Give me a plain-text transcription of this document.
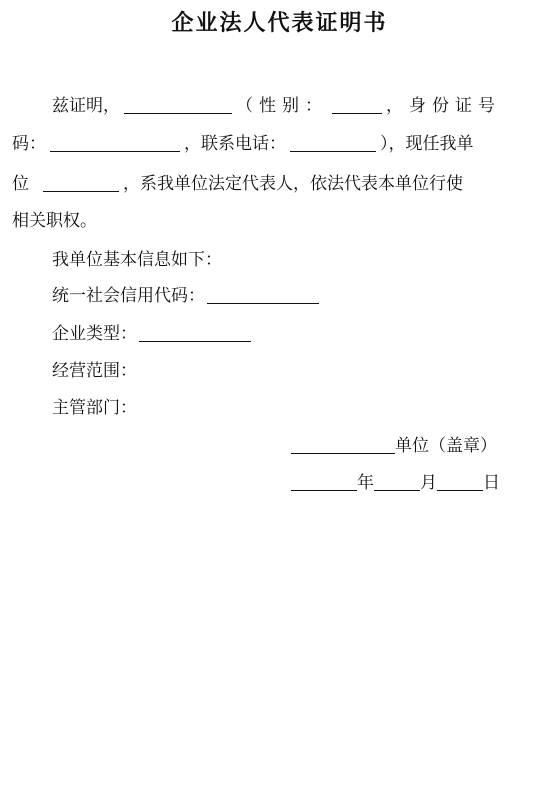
企业法人代表证明书
兹证明，	（性别：	，身份证号
码：	，联系电话：	），现任我单
位	，系我单位法定代表人，依法代表本单位行使
相关职权。
我单位基本信息如下：
统一社会信用代码：
企业类型：
经营范围：
主管部门：
单位（盖章）
年	月	日
